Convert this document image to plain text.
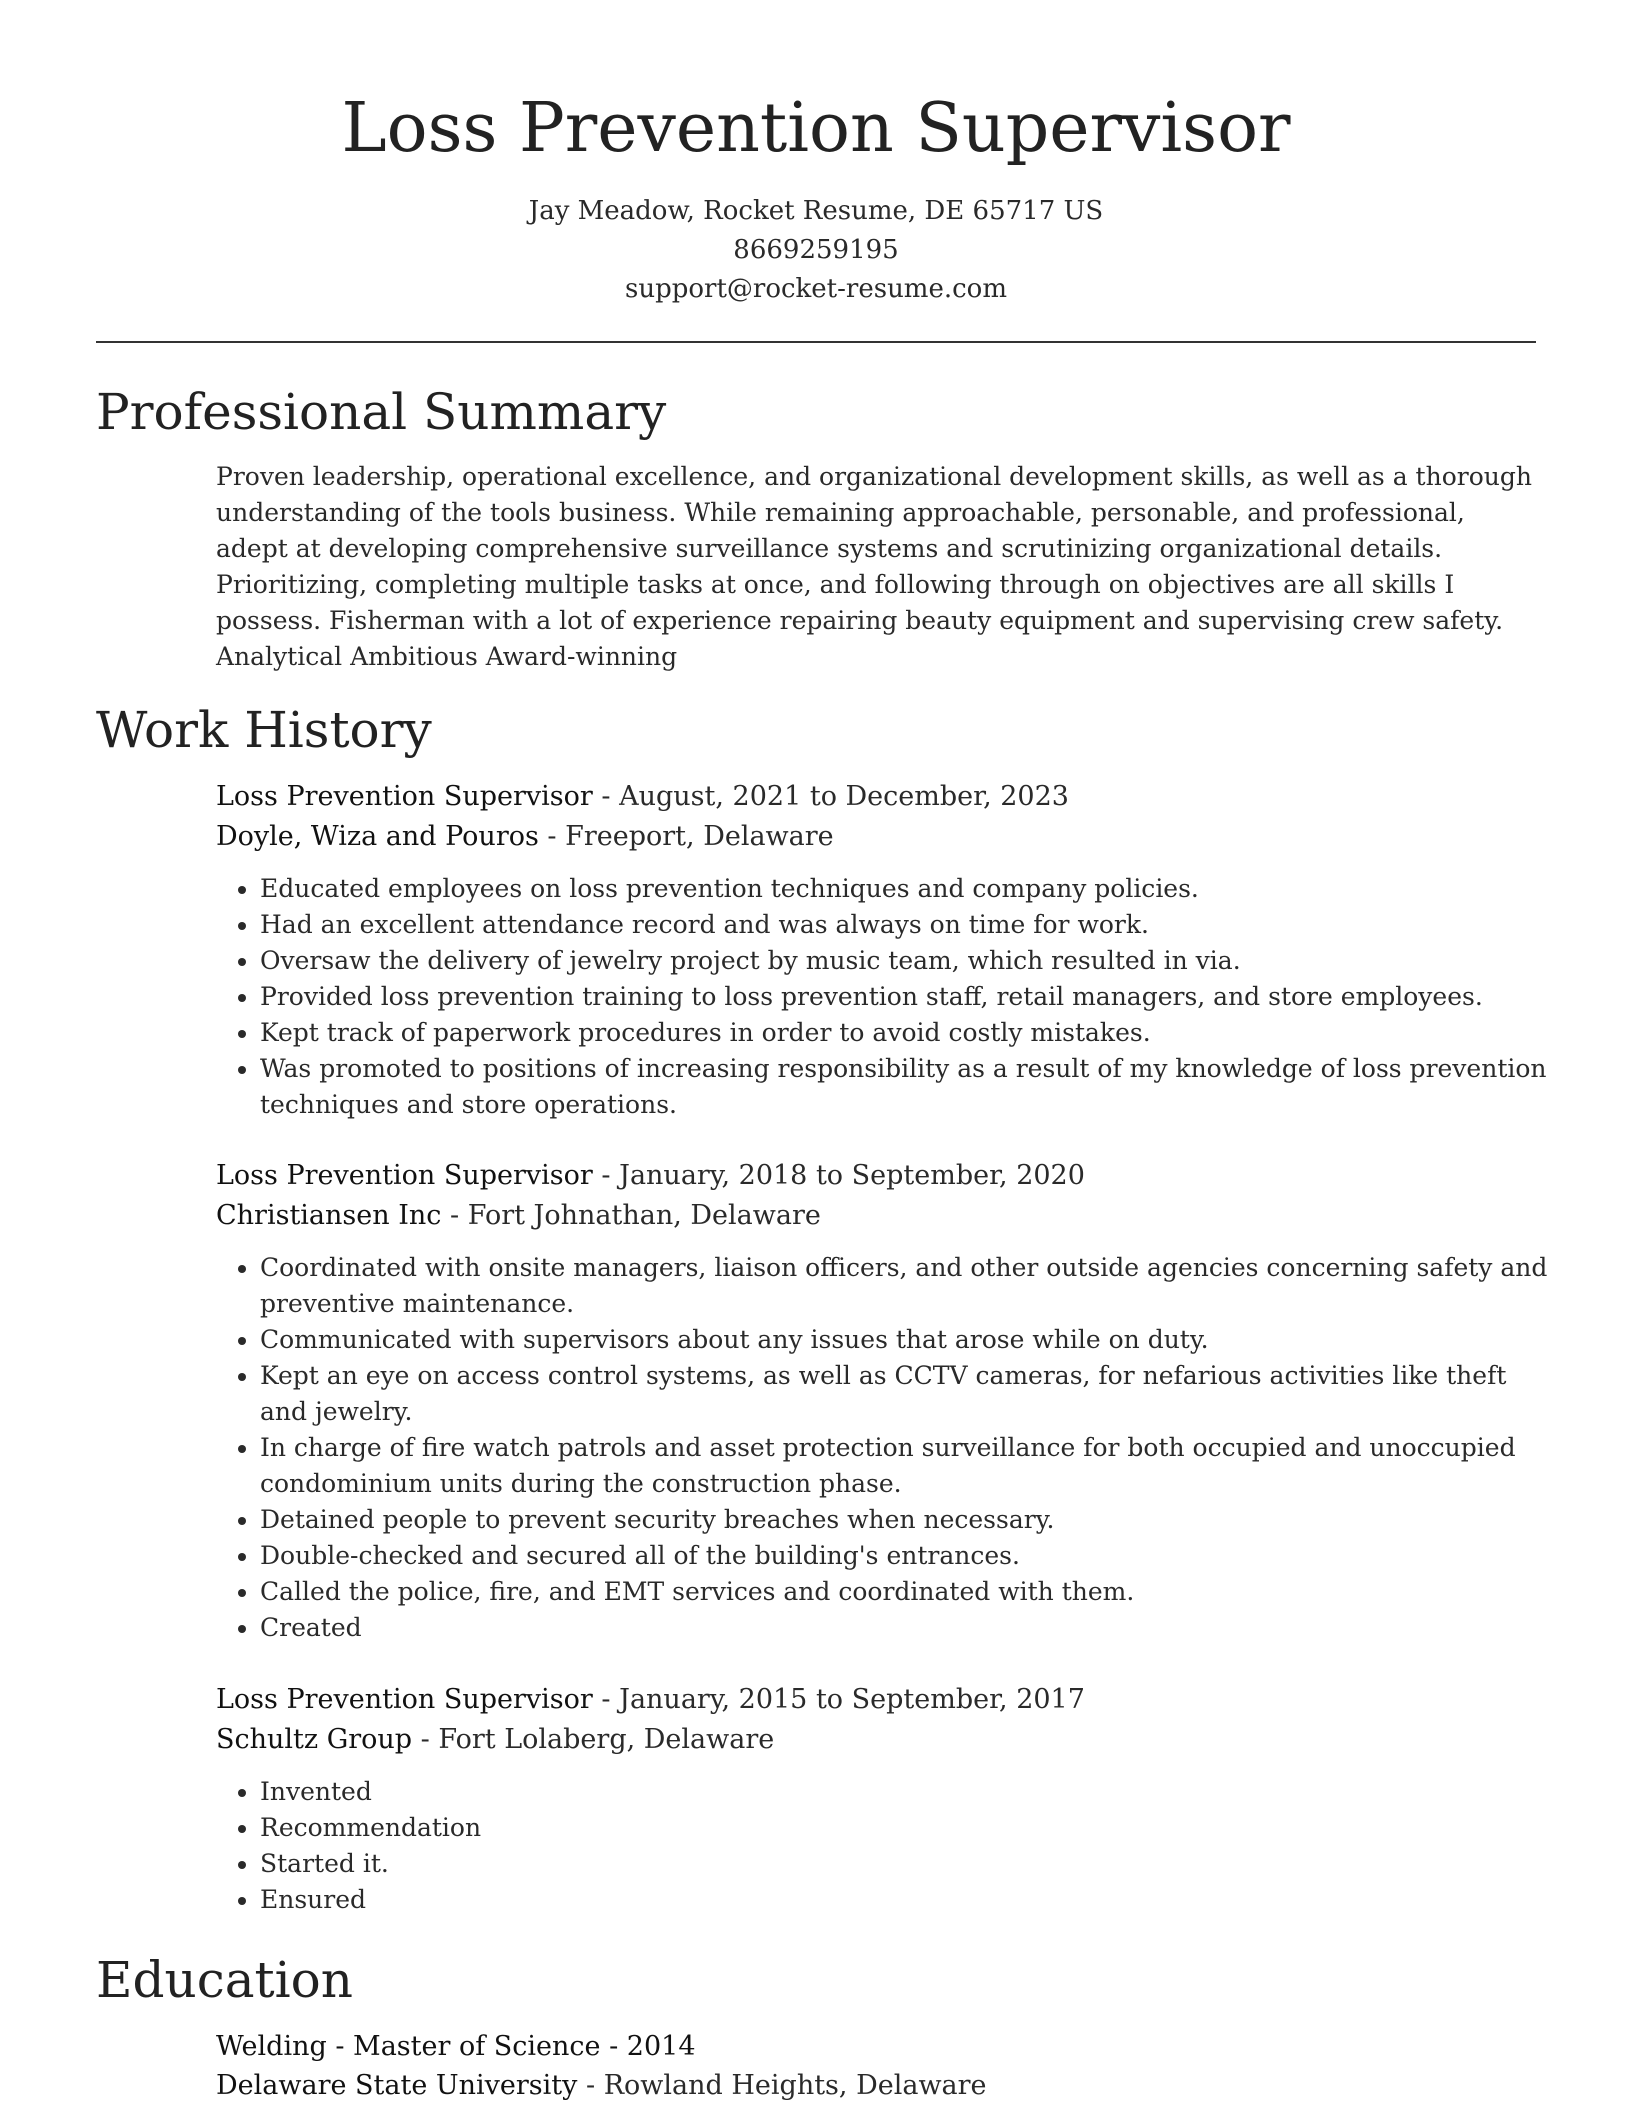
Loss Prevention Supervisor
Jay Meadow, Rocket Resume, DE 65717 US
8669259195
support@rocket-resume.com
Professional Summary
Proven leadership, operational excellence, and organizational development skills, as well as a thorough understanding of the tools business. While remaining approachable, personable, and professional, adept at developing comprehensive surveillance systems and scrutinizing organizational details. Prioritizing, completing multiple tasks at once, and following through on objectives are all skills I possess. Fisherman with a lot of experience repairing beauty equipment and supervising crew safety. Analytical Ambitious Award-winning
Work History
Loss Prevention Supervisor - August, 2021 to December, 2023
Doyle, Wiza and Pouros - Freeport, Delaware
• Educated employees on loss prevention techniques and company policies.
• Had an excellent attendance record and was always on time for work.
• Oversaw the delivery of jewelry project by music team, which resulted in via.
• Provided loss prevention training to loss prevention staff, retail managers, and store employees.
• Kept track of paperwork procedures in order to avoid costly mistakes.
• Was promoted to positions of increasing responsibility as a result of my knowledge of loss prevention techniques and store operations.
Loss Prevention Supervisor - January, 2018 to September, 2020
Christiansen Inc - Fort Johnathan, Delaware
• Coordinated with onsite managers, liaison officers, and other outside agencies concerning safety and preventive maintenance.
• Communicated with supervisors about any issues that arose while on duty.
• Kept an eye on access control systems, as well as CCTV cameras, for nefarious activities like theft and jewelry.
• In charge of fire watch patrols and asset protection surveillance for both occupied and unoccupied condominium units during the construction phase.
• Detained people to prevent security breaches when necessary.
• Double-checked and secured all of the building's entrances.
• Called the police, fire, and EMT services and coordinated with them.
• Created
Loss Prevention Supervisor - January, 2015 to September, 2017
Schultz Group - Fort Lolaberg, Delaware
• Invented
• Recommendation
• Started it.
• Ensured
Education
Welding - Master of Science - 2014
Delaware State University - Rowland Heights, Delaware
